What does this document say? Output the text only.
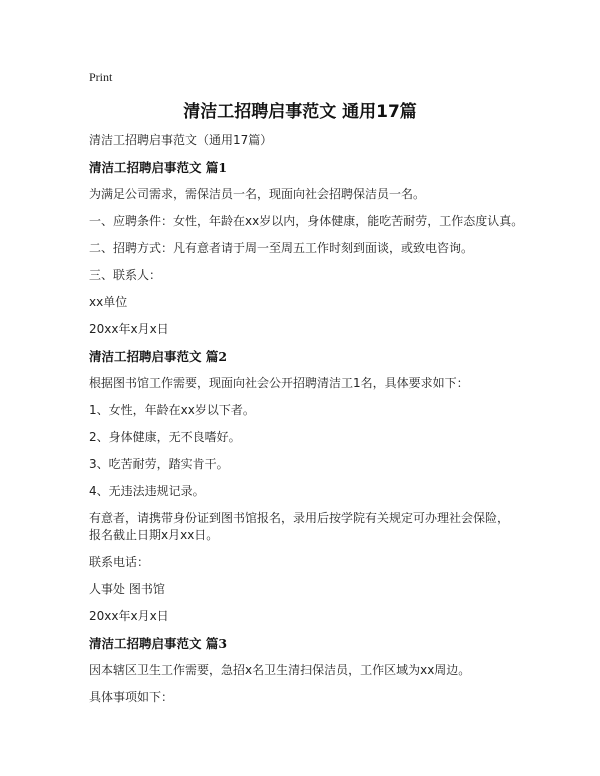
Print
清洁工招聘启事范文 通用17篇

清洁工招聘启事范文（通用17篇）

清洁工招聘启事范文 篇1

为满足公司需求，需保洁员一名，现面向社会招聘保洁员一名。

一、应聘条件：女性，年龄在xx岁以内，身体健康，能吃苦耐劳，工作态度认真。

二、招聘方式：凡有意者请于周一至周五工作时刻到面谈，或致电咨询。

三、联系人：

xx单位

20xx年x月x日

清洁工招聘启事范文 篇2

根据图书馆工作需要，现面向社会公开招聘清洁工1名，具体要求如下：

1、女性，年龄在xx岁以下者。

2、身体健康，无不良嗜好。

3、吃苦耐劳，踏实肯干。

4、无违法违规记录。

有意者，请携带身份证到图书馆报名，录用后按学院有关规定可办理社会保险，报名截止日期x月xx日。

联系电话：

人事处 图书馆

20xx年x月x日

清洁工招聘启事范文 篇3

因本辖区卫生工作需要，急招x名卫生清扫保洁员，工作区域为xx周边。

具体事项如下：
